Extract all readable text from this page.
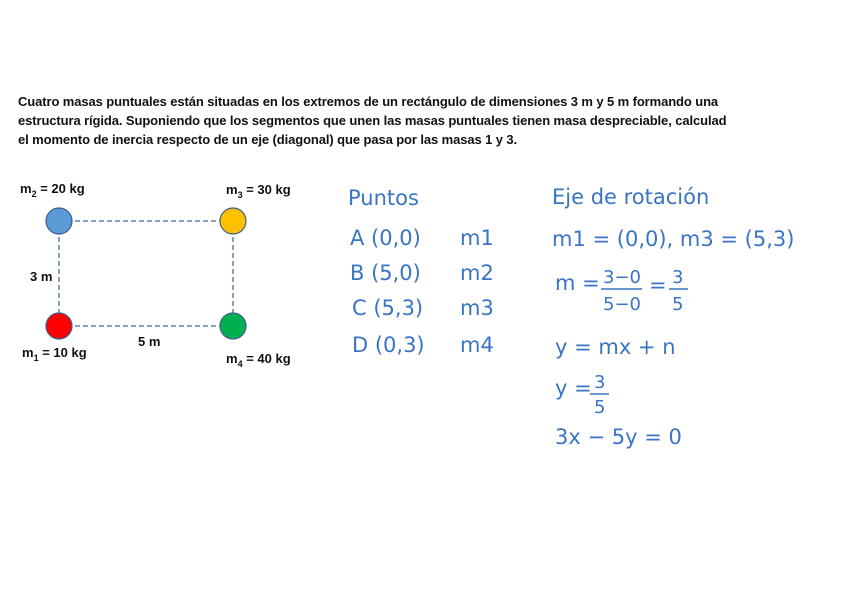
Cuatro masas puntuales están situadas en los extremos de un rectángulo de dimensiones 3 m y 5 m formando una
estructura rígida. Suponiendo que los segmentos que unen las masas puntuales tienen masa despreciable, calculad
el momento de inercia respecto de un eje (diagonal) que pasa por las masas 1 y 3.
$m_2 = 20$ kg	$m_3 = 30$ kg
$m_1 = 10$ kg	$m_4 = 40$ kg
3 m
5 m
Puntos
A (0,0) m1
B (5,0) m2
C (5,3) m3
D (0,3) m4
Eje de rotación
m1 = (0,0), m3 = (5,3)
m = 3−0
5−0
= 3
5
y = mx + n
y = 3
5
3x − 5y = 0
